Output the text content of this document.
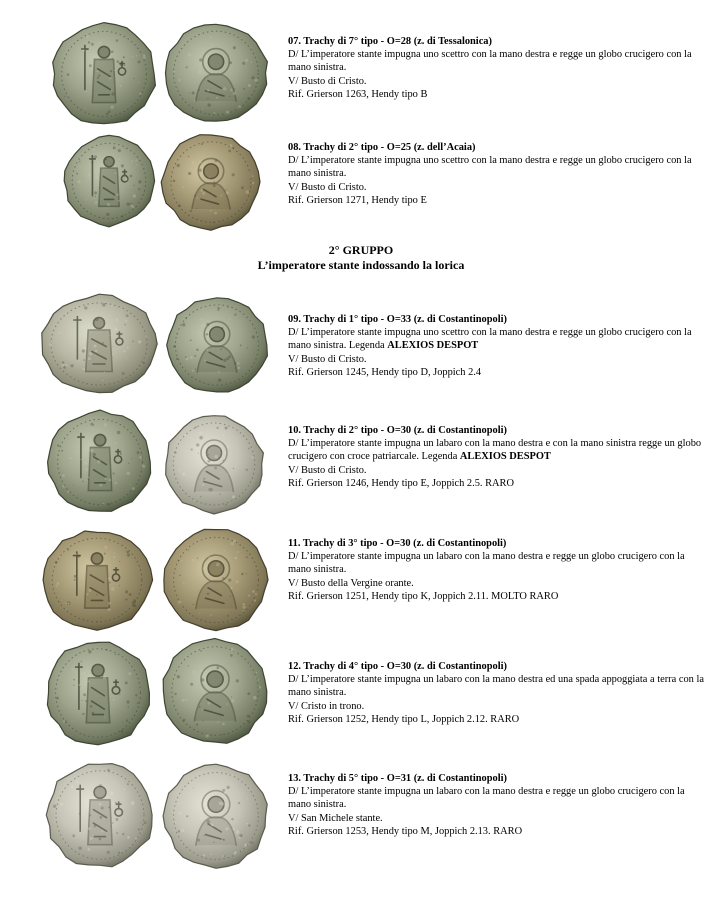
07. Trachy di 7° tipo - O=28 (z. di Tessalonica)
D/ L’imperatore stante impugna uno scettro con la mano destra e regge un globo crucigero con la mano sinistra.
V/ Busto di Cristo.
Rif. Grierson 1263, Hendy tipo B
08. Trachy di 2° tipo - O=25 (z. dell’Acaia)
D/ L’imperatore stante impugna uno scettro con la mano destra e regge un globo crucigero con la mano sinistra.
V/ Busto di Cristo.
Rif. Grierson 1271, Hendy tipo E
2° GRUPPO
L’imperatore stante indossando la lorica
09. Trachy di 1° tipo - O=33 (z. di Costantinopoli)
D/ L’imperatore stante impugna uno scettro con la mano destra e regge un globo crucigero con la mano sinistra. Legenda ALEXIOS DESPOT
V/ Busto di Cristo.
Rif. Grierson 1245, Hendy tipo D, Joppich 2.4
10. Trachy di 2° tipo - O=30 (z. di Costantinopoli)
D/ L’imperatore stante impugna un labaro con la mano destra e con la mano sinistra regge un globo crucigero con croce patriarcale. Legenda ALEXIOS DESPOT
V/ Busto di Cristo.
Rif. Grierson 1246, Hendy tipo E, Joppich 2.5. RARO
11. Trachy di 3° tipo - O=30 (z. di Costantinopoli)
D/ L’imperatore stante impugna un labaro con la mano destra e regge un globo crucigero con la mano sinistra.
V/ Busto della Vergine orante.
Rif. Grierson 1251, Hendy tipo K, Joppich 2.11. MOLTO RARO
12. Trachy di 4° tipo - O=30 (z. di Costantinopoli)
D/ L’imperatore stante impugna un labaro con la mano destra ed una spada appoggiata a terra con la mano sinistra.
V/ Cristo in trono.
Rif. Grierson 1252, Hendy tipo L, Joppich 2.12. RARO
13. Trachy di 5° tipo - O=31 (z. di Costantinopoli)
D/ L’imperatore stante impugna un labaro con la mano destra e regge un globo crucigero con la mano sinistra.
V/ San Michele stante.
Rif. Grierson 1253, Hendy tipo M, Joppich 2.13. RARO
